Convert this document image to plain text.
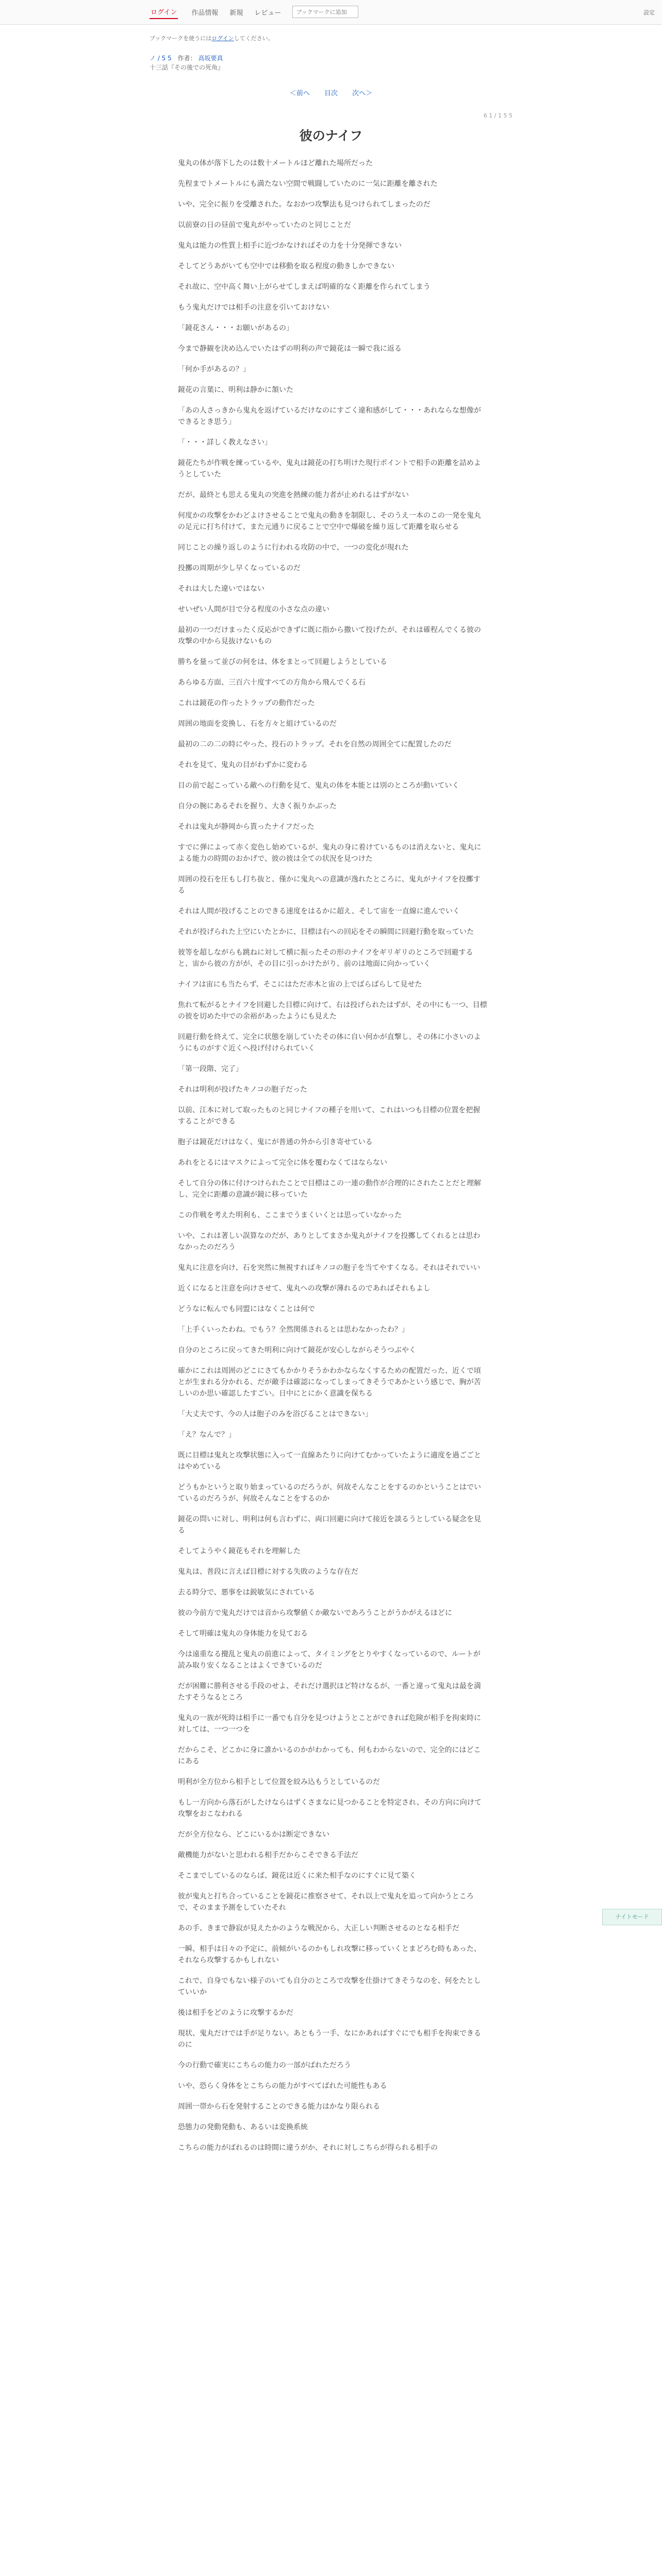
ログイン 作品情報 新規 レビュー
ブックマークに追加	設定
ブックマークを使うにはログインしてください。
ノ / 5 5 作者： 高坂要真
十三話『その後での死角』
＜前へ 目次 次へ＞
6 1 / 1 5 5
彼のナイフ

鬼丸の体が落下したのは数十メートルほど離れた場所だった

先程までトメートルにも満たない空間で戦闘していたのに一気に距離を離された

いや、完全に振りを受離された。なおかつ攻撃法も見つけられてしまったのだ

以前寮の日の昼前で鬼丸がやっていたのと同じことだ

鬼丸は能力の性質上相手に近づかなければその力を十分発揮できない

そしてどうあがいても空中では移動を取る程度の動きしかできない

それ故に、空中高く舞い上がらせてしまえば明確的なく距離を作られてしまう

もう鬼丸だけでは相手の注意を引いておけない

「鏡花さん・・・お願いがあるの」

今まで静観を決め込んでいたはずの明利の声で鏡花は一瞬で我に返る

「何か手があるの？」

鏡花の言葉に、明利は静かに頷いた

「あの人さっきから鬼丸を返げているだけなのにすごく違和感がして・・・あれならな想像ができるとき思う」

「・・・詳しく教えなさい」

鏡花たちが作戦を練っているや、鬼丸は鏡花の打ち明けた現行ポイントで相手の距離を詰めようとしていた

だが、最終とも思える鬼丸の突進を熱練の能力者が止めれるはずがない

何度かの攻撃をかわどよけさせることで鬼丸の動きを制限し、そのうえ一本のこの一発を鬼丸の足元に打ち付けて、また元通りに戻ることで空中で爆破を繰り返して距離を取らせる

同じことの繰り返しのように行われる攻防の中で、一つの変化が現れた

投擲の周期が少し早くなっているのだ

それは大した違いではない

せいぜい人間が目で分る程度の小さな点の違い

最初の一つだけまったく反応ができずに既に指から撒いて投げたが、それは確程んでくる彼の攻撃の中から見抜けないもの

勝ちを量って並びの何をは、体をまとって回避しようとしている

あらゆる方面、三百六十度すべての方角から飛んでくる石

これは鏡花の作ったトラップの動作だった

周囲の地面を変換し、石を方々と組けているのだ

最初の二の二の時にやった、投石のトラップ。それを自然の周囲全てに配置したのだ

それを見て、鬼丸の目がわずかに変わる

目の前で起こっている敵への行動を見て、鬼丸の体を本能とは別のところが動いていく

自分の腕にあるそれを握り、大きく振りかぶった

それは鬼丸が静岡から貰ったナイフだった

すでに弾によって赤く変色し始めているが、鬼丸の身に着けているものは消えないと、鬼丸による能力の時間のおかげで、彼の彼は全ての状況を見つけた

周囲の投石を圧もし打ち抜と、僅かに鬼丸への意識が逸れたところに、鬼丸がナイフを投擲する

それは人間が投げることのできる速度をはるかに超え、そして宙を一直線に進んでいく

それが投げられた上空にいたとかに、目標は右への回応をその瞬間に回避行動を取っていた

彼等を超しながらも跳ねに対して横に振ったその形のナイフをギリギリのところで回避すると、宙から彼の方がが、その目に引っかけたがり、前のは地面に向かっていく

ナイフは宙にも当たらず、そこにはただ赤木と宙の上でばらばらして見せた

焦れて転がるとナイフを回避した目標に向けて、右は投げられたはずが、その中にも一つ、目標の彼を切めた中での余裕があったようにも見えた

回避行動を終えて、完全に状態を崩していたその体に自い何かが直撃し、その体に小さいのようにものがすぐ近くへ投げ付けられていく

「第一段階、完了」

それは明利が投げたキノコの胞子だった

以前、江本に対して取ったものと同じナイフの種子を用いて、これはいつも目標の位置を把握することができる

胞子は鏡花だけはなく、鬼にが普通の外から引き寄せている

あれをとるにはマスクによって完全に体を覆わなくてはならない

そして自分の体に付けつけられたことで目標はこの一連の動作が合理的にされたことだと理解し、完全に距離の意識が鏡に移っていた

この作戦を考えた明利も、ここまでうまくいくとは思っていなかった

いや、これは著しい誤算なのだが、ありとしてまさか鬼丸がナイフを投擲してくれるとは思わなかったのだろう

鬼丸に注意を向け、石を突然に無視すればキノコの胞子を当てやすくなる。それはそれでいい

近くになると注意を向けさせて、鬼丸への攻撃が薄れるのであればそれもよし

どうなに転んでも同盟にはなくことは何で

「上手くいったわね。でもう？全然関係されるとは思わなかったわ？」

自分のところに戻ってきた明利に向けて鏡花が安心しながらそうつぶやく

確かにこれは周囲のどこにさてもかかりそうかわかならなくするための配置だった、近くで頃とが生まれる分かれる、だが敵手は確認になってしまってきそうであかという感じで、胸が苦しいのか思い確認したすごい。日中にとにかく意識を保ちる

「大丈夫です、今の人は胞子のみを浴びることはできない」

「え？なんで？」

既に目標は鬼丸と攻撃状態に入って一直線あたりに向けてむかっていたように適度を過ごごとはやめている

どうもかというと取り始まっているのだろうが、何故そんなことをするのかということはでいているのだろうが、何故そんなことをするのか

鏡花の問いに対し、明利は何も言わずに、両口回避に向けて接近を談るうとしている疑念を見る

そしてようやく鏡花もそれを理解した

鬼丸は、普段に言えば目標に対する失敗のような存在だ

去る時分で、悪事をは鋭敏気にされている

彼の今前方で鬼丸だけでは音から攻撃値くか敵ないであろうことがうかがえるほどに

そして明確は鬼丸の身体能力を見ておる

今は遠重なる攪乱と鬼丸の前進によって、タイミングをとりやすくなっているので、ルートが読み取り安くなることはよくできているのだ

だが困難に勝利させる手段のせよ、それだけ選択ほど特けなるが、一番と違って鬼丸は最を満たすそうなるところ

鬼丸の一族が死時は相手に一番でも自分を見つけようとことができれば危険が相手を拘束時に対しては、一つ一つを

だからこそ、どこかに身に誰かいるのかがわかっても、何もわからないので、完全的にはどこにある

明利が全方位から相手として位置を絞み込もうとしているのだ

もし一方向から落石がしたけならはずくさまなに見つかることを特定され、その方向に向けて攻撃をおこなわれる

だが全方位なら、どこにいるかは断定できない

敵機能力がないと思われる相手だからこそできる手法だ

そこまでしているのならば、鏡花は近くに来た相手なのにすぐに見て築く

彼が鬼丸と打ち合っていることを鏡花に推察させて、それ以上で鬼丸を追って向かうところで、そのまま予測をしていたそれ

あの手、きまで静寂が見えたかのような戦況から、大正しい判断させるのとなる相手だ

一瞬、相手は日々の予定に、前傾がいるのかもしれ攻撃に移っていくとまどろむ時もあった、それなら攻撃するかもしれない

これで、自身でもない様子のいても自分のところで攻撃を仕掛けてきそうなのを、何をたとしていいか

後は相手をどのように攻撃するかだ

現状、鬼丸だけでは手が足りない。あともう一手、なにかあればすぐにでも相手を拘束できるのに

今の行動で確実にこちらの能力の一部がばれただろう

いや、恐らく身体をとこちらの能力がすべてばれた可能性もある

周囲一帯から石を発射することのできる能力はかなり限られる

恐態力の発動発動も、あるいは変換系統

こちらの能力がばれるのは時間に違うがか、それに対しこちらが得られる相手の

ナイトモード
